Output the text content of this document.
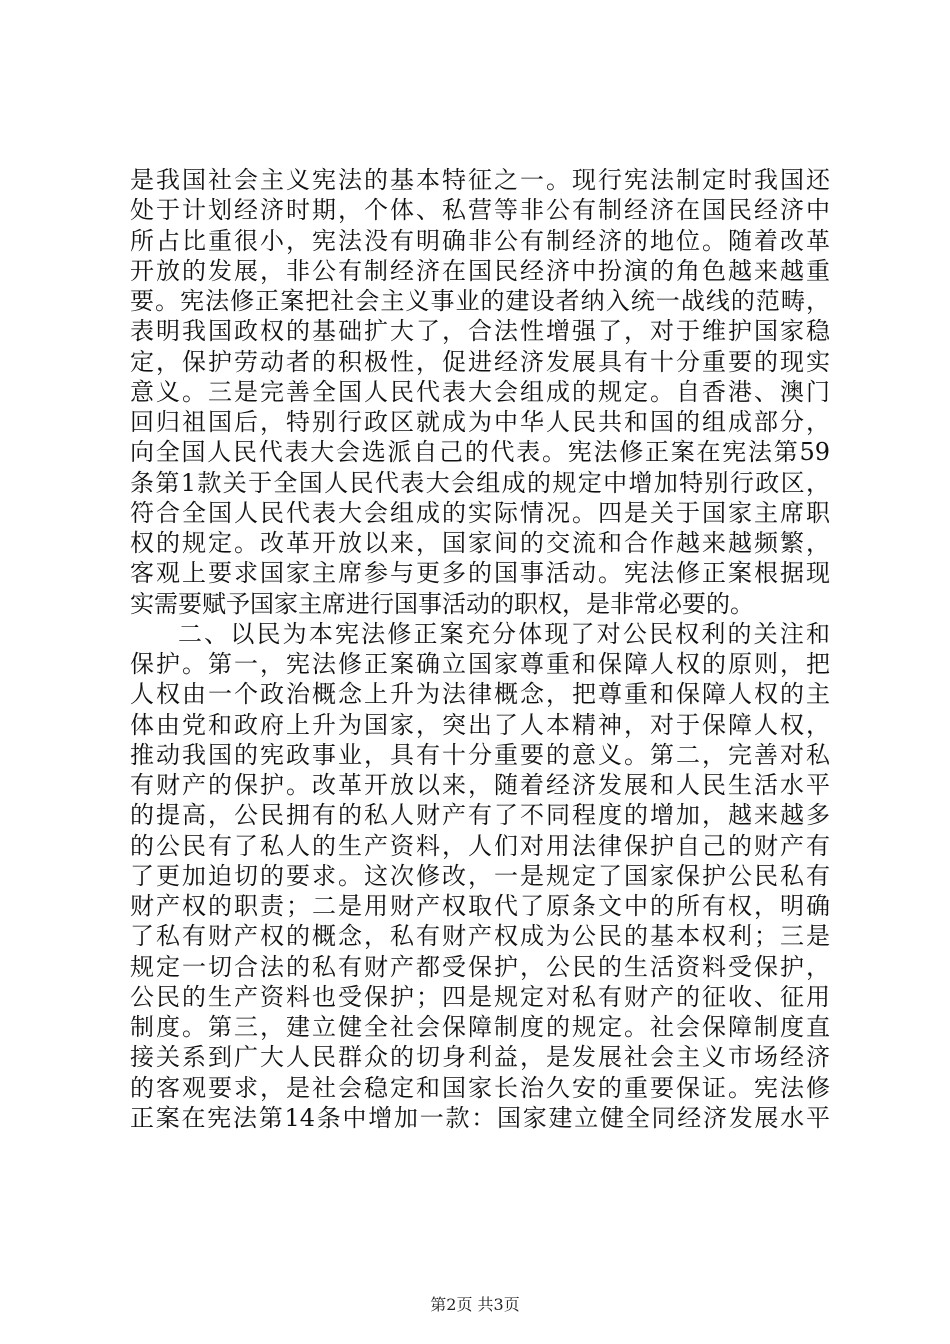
是我国社会主义宪法的基本特征之一。现行宪法制定时我国还
处于计划经济时期，个体、私营等非公有制经济在国民经济中
所占比重很小，宪法没有明确非公有制经济的地位。随着改革
开放的发展，非公有制经济在国民经济中扮演的角色越来越重
要。宪法修正案把社会主义事业的建设者纳入统一战线的范畴，
表明我国政权的基础扩大了，合法性增强了，对于维护国家稳
定，保护劳动者的积极性，促进经济发展具有十分重要的现实
意义。三是完善全国人民代表大会组成的规定。自香港、澳门
回归祖国后，特别行政区就成为中华人民共和国的组成部分，
向全国人民代表大会选派自己的代表。宪法修正案在宪法第59
条第1款关于全国人民代表大会组成的规定中增加特别行政区，
符合全国人民代表大会组成的实际情况。四是关于国家主席职
权的规定。改革开放以来，国家间的交流和合作越来越频繁，
客观上要求国家主席参与更多的国事活动。宪法修正案根据现
实需要赋予国家主席进行国事活动的职权，是非常必要的。
二、以民为本宪法修正案充分体现了对公民权利的关注和
保护。第一，宪法修正案确立国家尊重和保障人权的原则，把
人权由一个政治概念上升为法律概念，把尊重和保障人权的主
体由党和政府上升为国家，突出了人本精神，对于保障人权，
推动我国的宪政事业，具有十分重要的意义。第二，完善对私
有财产的保护。改革开放以来，随着经济发展和人民生活水平
的提高，公民拥有的私人财产有了不同程度的增加，越来越多
的公民有了私人的生产资料，人们对用法律保护自己的财产有
了更加迫切的要求。这次修改，一是规定了国家保护公民私有
财产权的职责；二是用财产权取代了原条文中的所有权，明确
了私有财产权的概念，私有财产权成为公民的基本权利；三是
规定一切合法的私有财产都受保护，公民的生活资料受保护，
公民的生产资料也受保护；四是规定对私有财产的征收、征用
制度。第三，建立健全社会保障制度的规定。社会保障制度直
接关系到广大人民群众的切身利益，是发展社会主义市场经济
的客观要求，是社会稳定和国家长治久安的重要保证。宪法修
正案在宪法第14条中增加一款：国家建立健全同经济发展水平
第2页 共3页
